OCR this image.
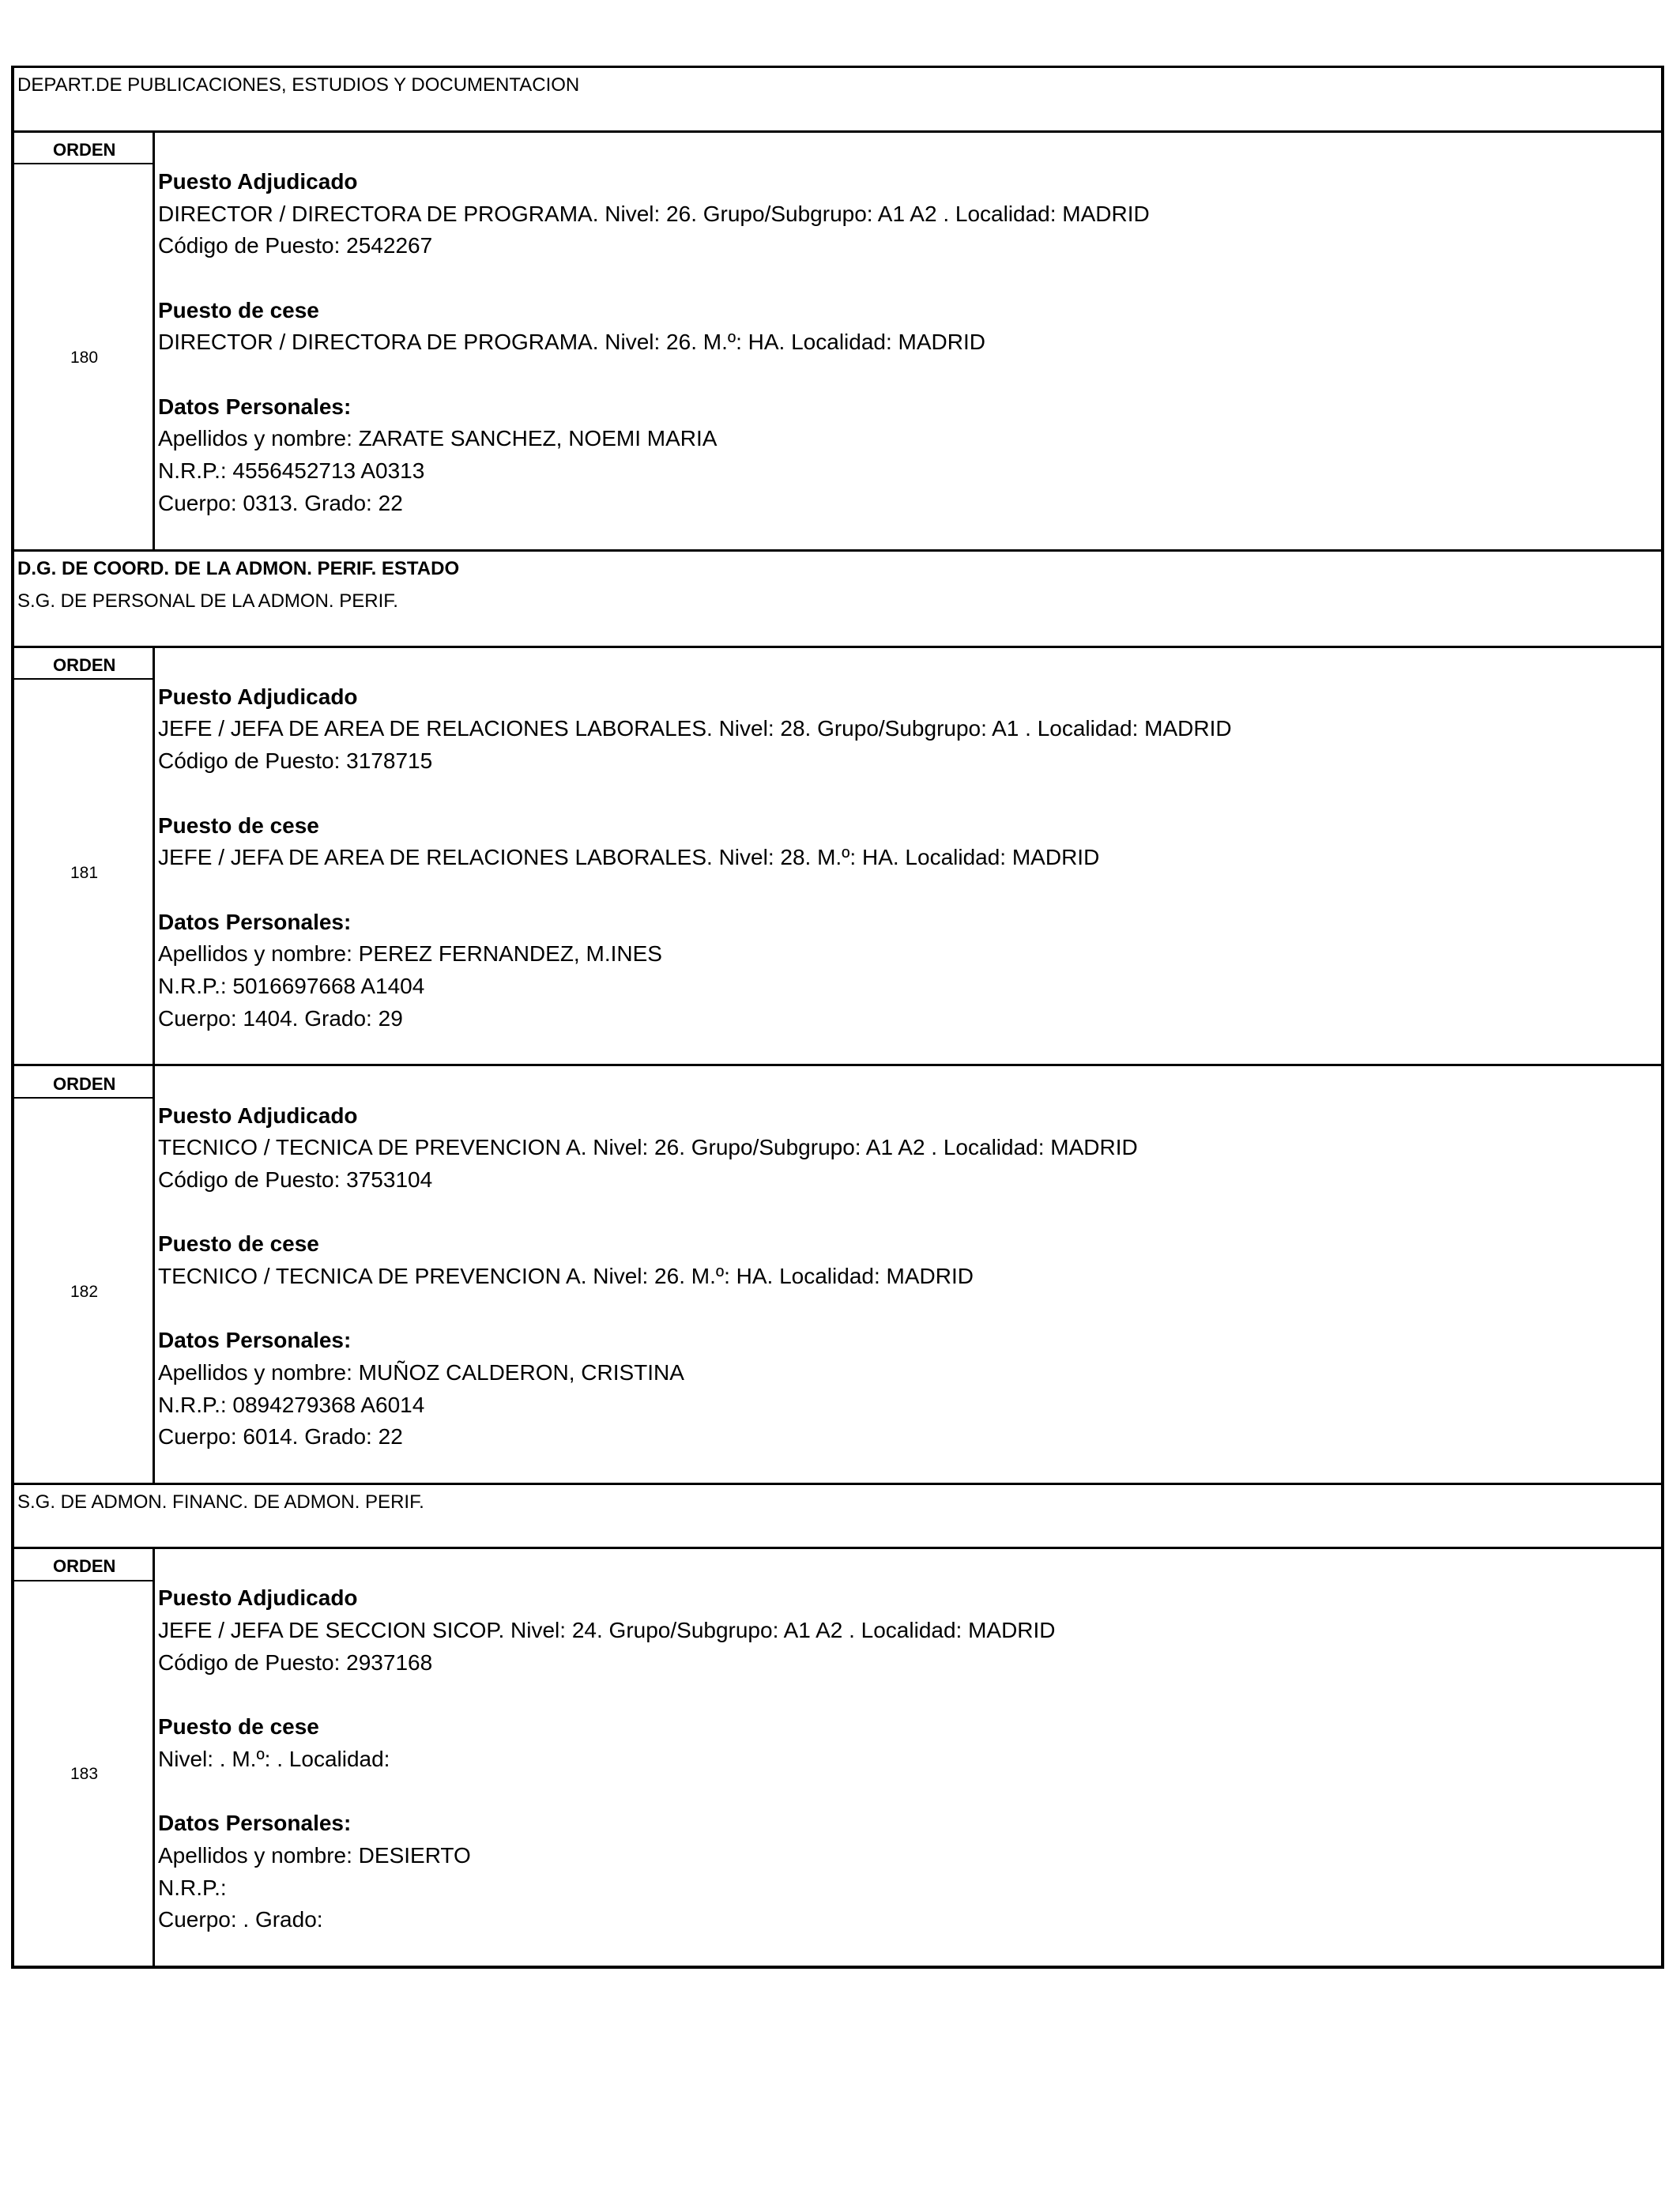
DEPART.DE PUBLICACIONES, ESTUDIOS Y DOCUMENTACION
D.G. DE COORD. DE LA ADMON. PERIF. ESTADO
S.G. DE PERSONAL DE LA ADMON. PERIF.
S.G. DE ADMON. FINANC. DE ADMON. PERIF.
ORDEN
180
Puesto Adjudicado
DIRECTOR / DIRECTORA DE PROGRAMA. Nivel: 26. Grupo/Subgrupo: A1 A2 . Localidad: MADRID
Código de Puesto: 2542267
Puesto de cese
DIRECTOR / DIRECTORA DE PROGRAMA. Nivel: 26. M.º: HA. Localidad: MADRID
Datos Personales:
Apellidos y nombre: ZARATE SANCHEZ, NOEMI MARIA
N.R.P.: 4556452713 A0313
Cuerpo: 0313. Grado: 22
ORDEN
181
Puesto Adjudicado
JEFE / JEFA DE AREA DE RELACIONES LABORALES. Nivel: 28. Grupo/Subgrupo: A1 . Localidad: MADRID
Código de Puesto: 3178715
Puesto de cese
JEFE / JEFA DE AREA DE RELACIONES LABORALES. Nivel: 28. M.º: HA. Localidad: MADRID
Datos Personales:
Apellidos y nombre: PEREZ FERNANDEZ, M.INES
N.R.P.: 5016697668 A1404
Cuerpo: 1404. Grado: 29
ORDEN
182
Puesto Adjudicado
TECNICO / TECNICA DE PREVENCION A. Nivel: 26. Grupo/Subgrupo: A1 A2 . Localidad: MADRID
Código de Puesto: 3753104
Puesto de cese
TECNICO / TECNICA DE PREVENCION A. Nivel: 26. M.º: HA. Localidad: MADRID
Datos Personales:
Apellidos y nombre: MUÑOZ CALDERON, CRISTINA
N.R.P.: 0894279368 A6014
Cuerpo: 6014. Grado: 22
ORDEN
183
Puesto Adjudicado
JEFE / JEFA DE SECCION SICOP. Nivel: 24. Grupo/Subgrupo: A1 A2 . Localidad: MADRID
Código de Puesto: 2937168
Puesto de cese
Nivel: . M.º: . Localidad:
Datos Personales:
Apellidos y nombre: DESIERTO
N.R.P.:
Cuerpo: . Grado:
